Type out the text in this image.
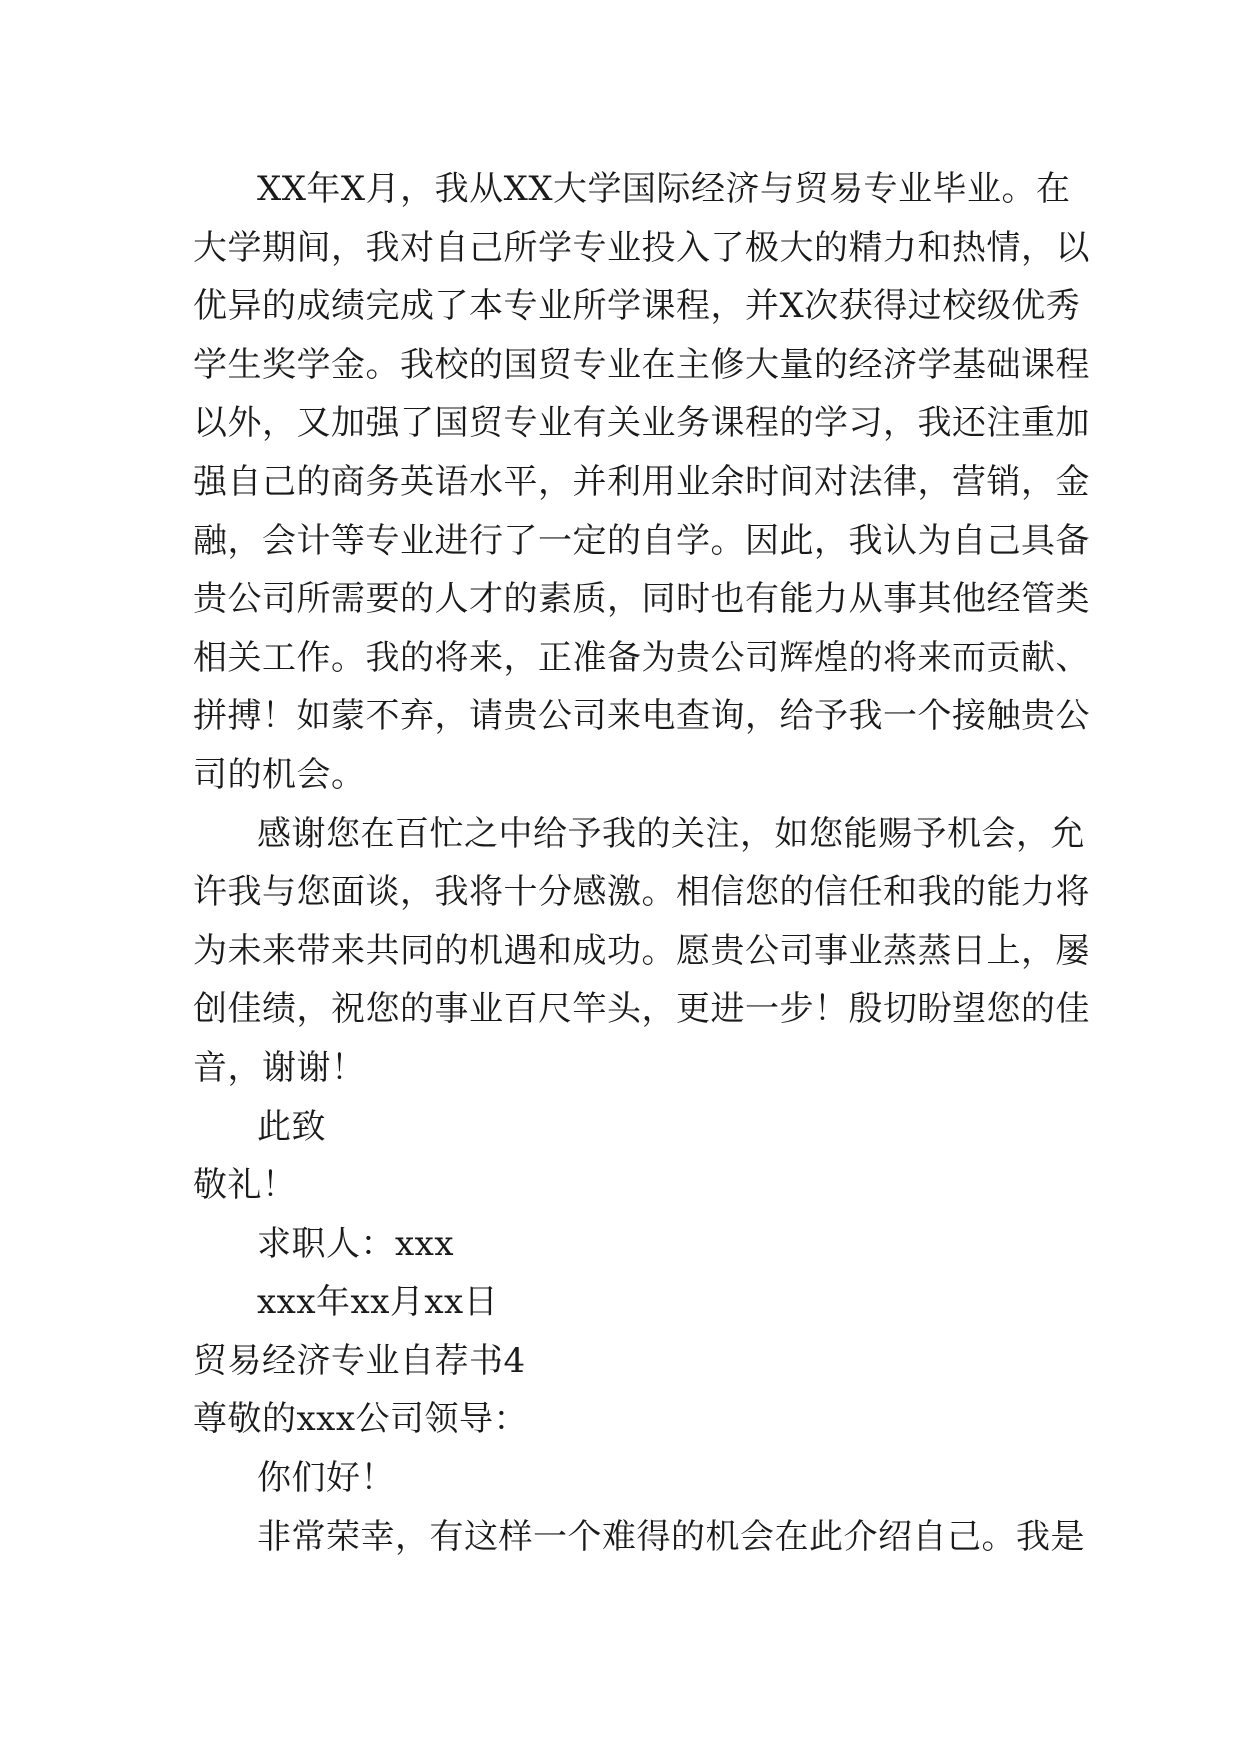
XX年X月，我从XX大学国际经济与贸易专业毕业。在
大学期间，我对自己所学专业投入了极大的精力和热情，以
优异的成绩完成了本专业所学课程，并X次获得过校级优秀
学生奖学金。我校的国贸专业在主修大量的经济学基础课程
以外，又加强了国贸专业有关业务课程的学习，我还注重加
强自己的商务英语水平，并利用业余时间对法律，营销，金
融，会计等专业进行了一定的自学。因此，我认为自己具备
贵公司所需要的人才的素质，同时也有能力从事其他经管类
相关工作。我的将来，正准备为贵公司辉煌的将来而贡献、
拼搏！如蒙不弃，请贵公司来电查询，给予我一个接触贵公
司的机会。
感谢您在百忙之中给予我的关注，如您能赐予机会，允
许我与您面谈，我将十分感激。相信您的信任和我的能力将
为未来带来共同的机遇和成功。愿贵公司事业蒸蒸日上，屡
创佳绩，祝您的事业百尺竿头，更进一步！殷切盼望您的佳
音，谢谢！
此致
敬礼！
求职人：xxx
xxx年xx月xx日
贸易经济专业自荐书4
尊敬的xxx公司领导：
你们好！
非常荣幸，有这样一个难得的机会在此介绍自己。我是
